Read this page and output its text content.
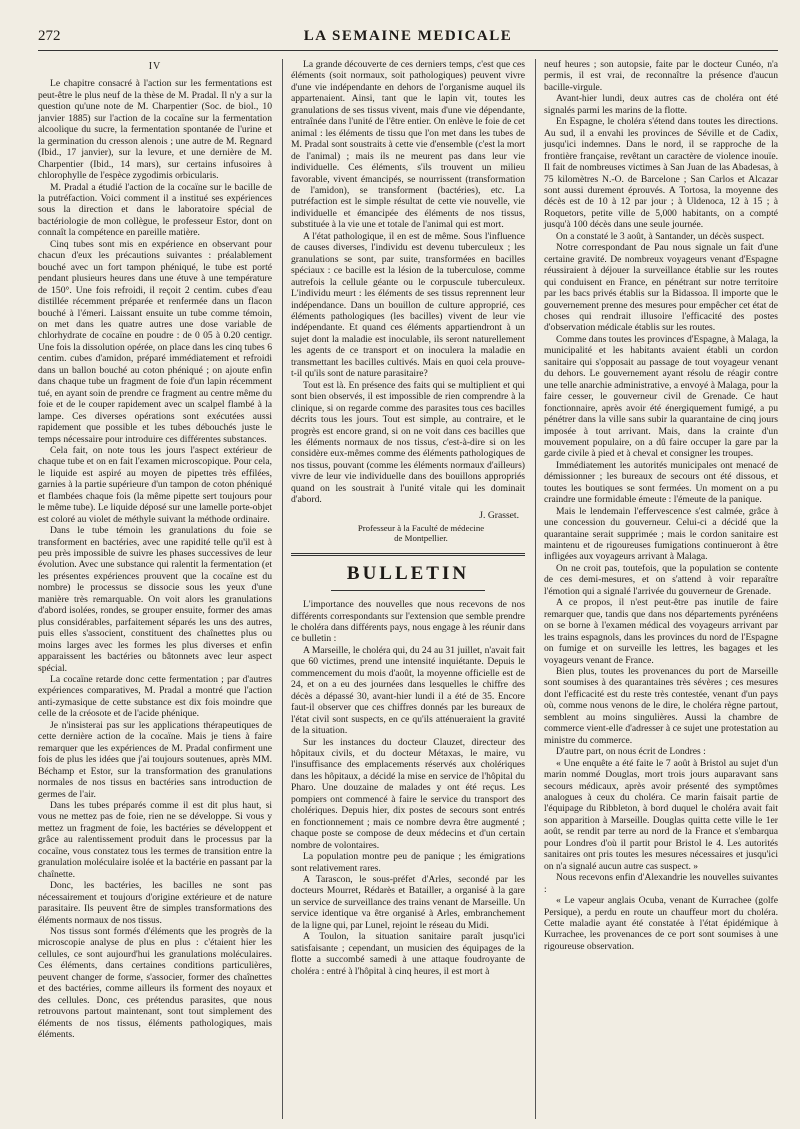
272	LA SEMAINE MEDICALE
IV

Le chapitre consacré à l'action sur les fermentations est peut-être le plus neuf de la thèse de M. Pradal. Il n'y a sur la question qu'une note de M. Charpentier (Soc. de biol., 10 janvier 1885) sur l'action de la cocaïne sur la fermentation alcoolique du sucre, la fermentation spontanée de l'urine et la germination du cresson alenois ; une autre de M. Regnard (Ibid., 17 janvier), sur la levure, et une dernière de M. Charpentier (Ibid., 14 mars), sur certains infusoires à chlorophylle de l'espèce zygodimis orbicularis.

M. Pradal a étudié l'action de la cocaïne sur le bacille de la putréfaction. Voici comment il a institué ses expériences sous la direction et dans le laboratoire spécial de bactériologie de mon collègue, le professeur Estor, dont on connaît la compétence en pareille matière.

Cinq tubes sont mis en expérience en observant pour chacun d'eux les précautions suivantes : préalablement bouché avec un fort tampon phéniqué, le tube est porté pendant plusieurs heures dans une étuve à une température de 150°. Une fois refroidi, il reçoit 2 centim. cubes d'eau distillée récemment préparée et renfermée dans un flacon bouché à l'émeri. Laissant ensuite un tube comme témoin, on met dans les quatre autres une dose variable de chlorhydrate de cocaïne en poudre : de 0 05 à 0.20 centigr. Une fois la dissolution opérée, on place dans les cinq tubes 6 centim. cubes d'amidon, préparé immédiatement et refroidi dans un ballon bouché au coton phéniqué ; on ajoute enfin dans chaque tube un fragment de foie d'un lapin récemment tué, en ayant soin de prendre ce fragment au centre même du foie et de le couper rapidement avec un scalpel flambé à la lampe. Ces diverses opérations sont exécutées aussi rapidement que possible et les tubes débouchés juste le temps nécessaire pour introduire ces différentes substances.

Cela fait, on note tous les jours l'aspect extérieur de chaque tube et on en fait l'examen microscopique. Pour cela, le liquide est aspiré au moyen de pipettes très effilées, garnies à la partie supérieure d'un tampon de coton phéniqué et flambées chaque fois (la même pipette sert toujours pour le même tube). Le liquide déposé sur une lamelle porte-objet est coloré au violet de méthyle suivant la méthode ordinaire.

Dans le tube témoin les granulations du foie se transforment en bactéries, avec une rapidité telle qu'il est à peu près impossible de suivre les phases successives de leur évolution. Avec une substance qui ralentit la fermentation (et les présentes expériences prouvent que la cocaïne est du nombre) le processus se dissocie sous les yeux d'une manière très remarquable. On voit alors les granulations d'abord isolées, rondes, se grouper ensuite, former des amas plus considérables, parfaitement séparés les uns des autres, puis elles s'associent, constituent des chaînettes plus ou moins larges avec les formes les plus diverses et enfin apparaissent les bactéries ou bâtonnets avec leur aspect spécial.

La cocaïne retarde donc cette fermentation ; par d'autres expériences comparatives, M. Pradal a montré que l'action anti-zymasique de cette substance est dix fois moindre que celle de la créosote et de l'acide phénique.

Je n'insisterai pas sur les applications thérapeutiques de cette dernière action de la cocaïne. Mais je tiens à faire remarquer que les expériences de M. Pradal confirment une fois de plus les idées que j'ai toujours soutenues, après MM. Béchamp et Estor, sur la transformation des granulations normales de nos tissus en bactéries sans introduction de germes de l'air.

Dans les tubes préparés comme il est dit plus haut, si vous ne mettez pas de foie, rien ne se développe. Si vous y mettez un fragment de foie, les bactéries se développent et grâce au ralentissement produit dans le processus par la cocaïne, vous constatez tous les termes de transition entre la granulation moléculaire isolée et la bactérie en passant par la chaînette.

Donc, les bactéries, les bacilles ne sont pas nécessairement et toujours d'origine extérieure et de nature parasitaire. Ils peuvent être de simples transformations des éléments normaux de nos tissus.

Nos tissus sont formés d'éléments que les progrès de la microscopie analyse de plus en plus : c'étaient hier les cellules, ce sont aujourd'hui les granulations moléculaires. Ces éléments, dans certaines conditions particulières, peuvent changer de forme, s'associer, former des chaînettes et des bactéries, comme ailleurs ils forment des noyaux et des cellules. Donc, ces prétendus parasites, que nous retrouvons partout maintenant, sont tout simplement des éléments de nos tissus, éléments pathologiques, mais éléments.

La grande découverte de ces derniers temps, c'est que ces éléments (soit normaux, soit pathologiques) peuvent vivre d'une vie indépendante en dehors de l'organisme auquel ils appartenaient. Ainsi, tant que le lapin vit, toutes les granulations de ses tissus vivent, mais d'une vie dépendante, entraînée dans l'unité de l'être entier. On enlève le foie de cet animal : les éléments de tissu que l'on met dans les tubes de M. Pradal sont soustraits à cette vie d'ensemble (c'est la mort de l'animal) ; mais ils ne meurent pas dans leur vie individuelle. Ces éléments, s'ils trouvent un milieu favorable, vivent émancipés, se nourrissent (transformation de l'amidon), se transforment (bactéries), etc. La putréfaction est le simple résultat de cette vie nouvelle, vie individuelle et émancipée des éléments de nos tissus, substituée à la vie une et totale de l'animal qui est mort.

A l'état pathologique, il en est de même. Sous l'influence de causes diverses, l'individu est devenu tuberculeux ; les granulations se sont, par suite, transformées en bacilles spéciaux : ce bacille est la lésion de la tuberculose, comme autrefois la cellule géante ou le corpuscule tuberculeux. L'individu meurt : les éléments de ses tissus reprennent leur indépendance. Dans un bouillon de culture approprié, ces éléments pathologiques (les bacilles) vivent de leur vie indépendante. Et quand ces éléments appartiendront à un sujet dont la maladie est inoculable, ils seront naturellement les agents de ce transport et on inoculera la maladie en transmettant les bacilles cultivés. Mais en quoi cela prouve-t-il qu'ils sont de nature parasitaire?

Tout est là. En présence des faits qui se multiplient et qui sont bien observés, il est impossible de rien comprendre à la clinique, si on regarde comme des parasites tous ces bacilles décrits tous les jours. Tout est simple, au contraire, et le progrès est encore grand, si on ne voit dans ces bacilles que les éléments normaux de nos tissus, c'est-à-dire si on les considère eux-mêmes comme des éléments pathologiques de nos tissus, pouvant (comme les éléments normaux d'ailleurs) vivre de leur vie individuelle dans des bouillons appropriés quand on les soustrait à l'unité vitale qui les dominait d'abord.

J. Grasset.
Professeur à la Faculté de médecine
de Montpellier.
BULLETIN

L'importance des nouvelles que nous recevons de nos différents correspondants sur l'extension que semble prendre le choléra dans différents pays, nous engage à les réunir dans ce bulletin :

A Marseille, le choléra qui, du 24 au 31 juillet, n'avait fait que 60 victimes, prend une intensité inquiétante. Depuis le commencement du mois d'août, la moyenne officielle est de 24, et on a eu des journées dans lesquelles le chiffre des décès a dépassé 30, avant-hier lundi il a été de 35. Encore faut-il observer que ces chiffres donnés par les bureaux de l'état civil sont suspects, en ce qu'ils atténueraient la gravité de la situation.

Sur les instances du docteur Clauzet, directeur des hôpitaux civils, et du docteur Métaxas, le maire, vu l'insuffisance des emplacements réservés aux cholériques dans les hôpitaux, a décidé la mise en service de l'hôpital du Pharo. Une douzaine de malades y ont été reçus. Les pompiers ont commencé à faire le service du transport des cholériques. Depuis hier, dix postes de secours sont entrés en fonctionnement ; mais ce nombre devra être augmenté ; chaque poste se compose de deux médecins et d'un certain nombre de volontaires.

La population montre peu de panique ; les émigrations sont relativement rares.

A Tarascon, le sous-préfet d'Arles, secondé par les docteurs Mourret, Rédarès et Batailler, a organisé à la gare un service de surveillance des trains venant de Marseille. Un service identique va être organisé à Arles, embranchement de la ligne qui, par Lunel, rejoint le réseau du Midi.

A Toulon, la situation sanitaire paraît jusqu'ici satisfaisante ; cependant, un musicien des équipages de la flotte a succombé samedi à une attaque foudroyante de choléra : entré à l'hôpital à cinq heures, il est mort à

neuf heures ; son autopsie, faite par le docteur Cunéo, n'a permis, il est vrai, de reconnaître la présence d'aucun bacille-virgule.

Avant-hier lundi, deux autres cas de choléra ont été signalés parmi les marins de la flotte.

En Espagne, le choléra s'étend dans toutes les directions. Au sud, il a envahi les provinces de Séville et de Cadix, jusqu'ici indemnes. Dans le nord, il se rapproche de la frontière française, revêtant un caractère de violence inouïe. Il fait de nombreuses victimes à San Juan de las Abadesas, à 75 kilomètres N.-O. de Barcelone ; San Carlos et Alcazar sont aussi durement éprouvés. A Tortosa, la moyenne des décès est de 10 à 12 par jour ; à Uldenoca, 12 à 15 ; à Roquetors, petite ville de 5,000 habitants, on a compté jusqu'à 100 décès dans une seule journée.

On a constaté le 3 août, à Santander, un décès suspect.

Notre correspondant de Pau nous signale un fait d'une certaine gravité. De nombreux voyageurs venant d'Espagne réussiraient à déjouer la surveillance établie sur les routes qui conduisent en France, en pénétrant sur notre territoire par les bacs privés établis sur la Bidassoa. Il importe que le gouvernement prenne des mesures pour empêcher cet état de choses qui rendrait illusoire l'efficacité des postes d'observation médicale établis sur les routes.

Comme dans toutes les provinces d'Espagne, à Malaga, la municipalité et les habitants avaient établi un cordon sanitaire qui s'opposait au passage de tout voyageur venant du dehors. Le gouvernement ayant résolu de réagir contre une telle anarchie administrative, a envoyé à Malaga, pour la faire cesser, le gouverneur civil de Grenade. Ce haut fonctionnaire, après avoir été énergiquement fumigé, a pu pénétrer dans la ville sans subir la quarantaine de cinq jours imposée à tout arrivant. Mais, dans la crainte d'un mouvement populaire, on a dû faire occuper la gare par la garde civile à pied et à cheval et consigner les troupes.

Immédiatement les autorités municipales ont menacé de démissionner ; les bureaux de secours ont été dissous, et toutes les boutiques se sont fermées. Un moment on a pu craindre une formidable émeute : l'émeute de la panique.

Mais le lendemain l'effervescence s'est calmée, grâce à une concession du gouverneur. Celui-ci a décidé que la quarantaine serait supprimée ; mais le cordon sanitaire est maintenu et de rigoureuses fumigations continueront à être infligées aux voyageurs arrivant à Malaga.

On ne croit pas, toutefois, que la population se contente de ces demi-mesures, et on s'attend à voir reparaître l'émotion qui a signalé l'arrivée du gouverneur de Grenade.

A ce propos, il n'est peut-être pas inutile de faire remarquer que, tandis que dans nos départements pyrénéens on se borne à l'examen médical des voyageurs arrivant par les trains espagnols, dans les provinces du nord de l'Espagne on fumige et on surveille les lettres, les bagages et les voyageurs venant de France.

Bien plus, toutes les provenances du port de Marseille sont soumises à des quarantaines très sévères ; ces mesures dont l'efficacité est du reste très contestée, venant d'un pays où, comme nous venons de le dire, le choléra règne partout, semblent au moins singulières. Aussi la chambre de commerce vient-elle d'adresser à ce sujet une protestation au ministre du commerce.

D'autre part, on nous écrit de Londres :

« Une enquête a été faite le 7 août à Bristol au sujet d'un marin nommé Douglas, mort trois jours auparavant sans secours médicaux, après avoir présenté des symptômes analogues à ceux du choléra. Ce marin faisait partie de l'équipage du Ribbleton, à bord duquel le choléra avait fait son apparition à Marseille. Douglas quitta cette ville le 1er août, se rendit par terre au nord de la France et s'embarqua pour Londres d'où il partit pour Bristol le 4. Les autorités sanitaires ont pris toutes les mesures nécessaires et jusqu'ici on n'a signalé aucun autre cas suspect. »

Nous recevons enfin d'Alexandrie les nouvelles suivantes :

« Le vapeur anglais Ocuba, venant de Kurrachee (golfe Persique), a perdu en route un chauffeur mort du choléra. Cette maladie ayant été constatée à l'état épidémique à Kurrachee, les provenances de ce port sont soumises à une rigoureuse observation.
